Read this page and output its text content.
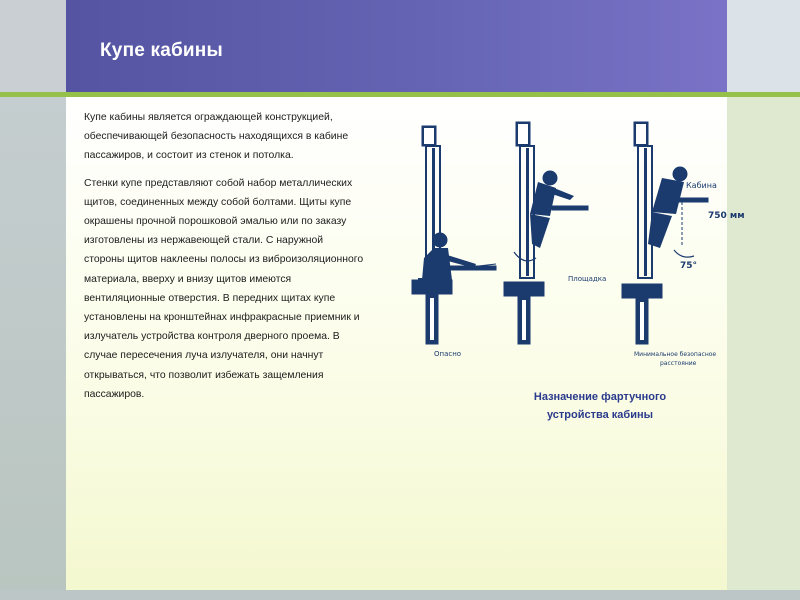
Купе кабины

Купе кабины является ограждающей конструкцией, обеспечивающей безопасность находящихся в кабине пассажиров, и состоит из стенок и потолка.

Стенки купе представляют собой набор металлических щитов, соединенных между собой болтами. Щиты купе окрашены прочной порошковой эмалью или по заказу изготовлены из нержавеющей стали. С наружной стороны щитов наклеены полосы из виброизоляционного материала, вверху и внизу щитов имеются вентиляционные отверстия. В передних щитах купе установлены на кронштейнах инфракрасные приемник и излучатель устройства контроля дверного проема. В случае пересечения луча излучателя, они начнут открываться, что позволит избежать защемления пассажиров.

Опасно
Площадка
Кабина
750 мм
75°
Минимальное безопасное
расстояние
Назначение фартучного устройства кабины
